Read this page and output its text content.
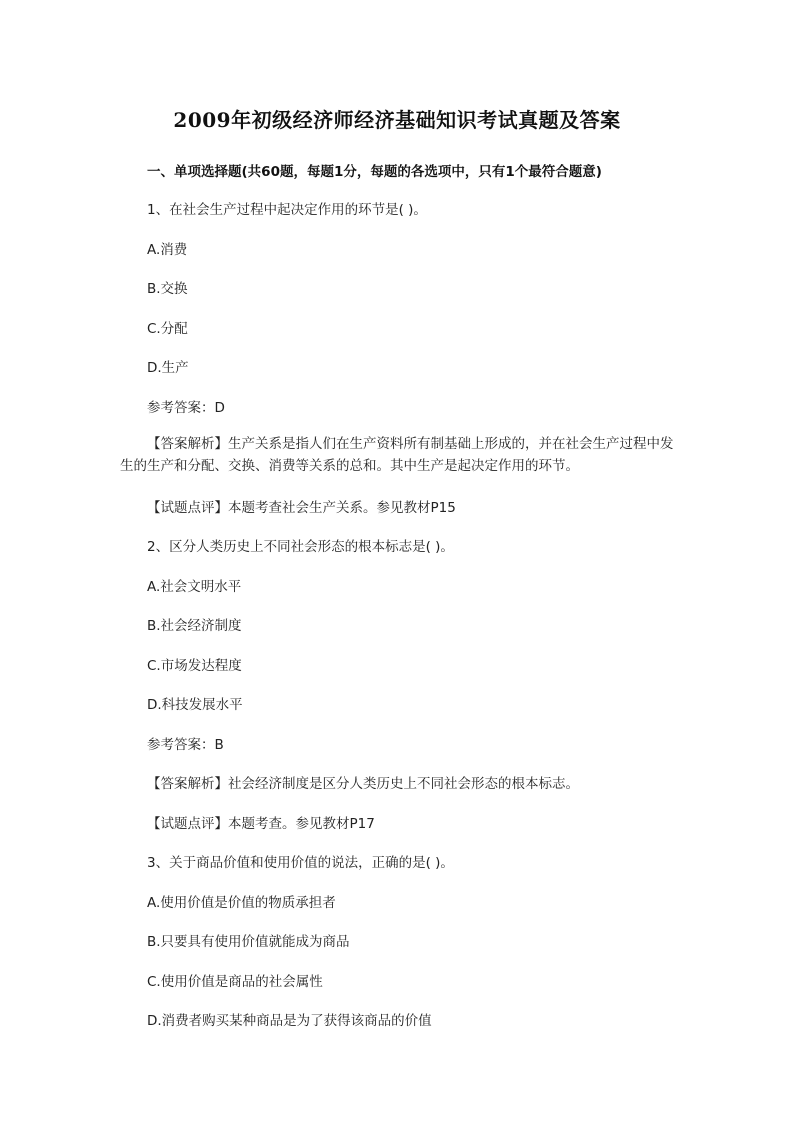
2009年初级经济师经济基础知识考试真题及答案
一、单项选择题(共60题，每题1分，每题的各选项中，只有1个最符合题意)
1、在社会生产过程中起决定作用的环节是( )。
A.消费
B.交换
C.分配
D.生产
参考答案：D
【答案解析】生产关系是指人们在生产资料所有制基础上形成的，并在社会生产过程中发生的生产和分配、交换、消费等关系的总和。其中生产是起决定作用的环节。
【试题点评】本题考查社会生产关系。参见教材P15
2、区分人类历史上不同社会形态的根本标志是( )。
A.社会文明水平
B.社会经济制度
C.市场发达程度
D.科技发展水平
参考答案：B
【答案解析】社会经济制度是区分人类历史上不同社会形态的根本标志。
【试题点评】本题考查。参见教材P17
3、关于商品价值和使用价值的说法，正确的是( )。
A.使用价值是价值的物质承担者
B.只要具有使用价值就能成为商品
C.使用价值是商品的社会属性
D.消费者购买某种商品是为了获得该商品的价值
